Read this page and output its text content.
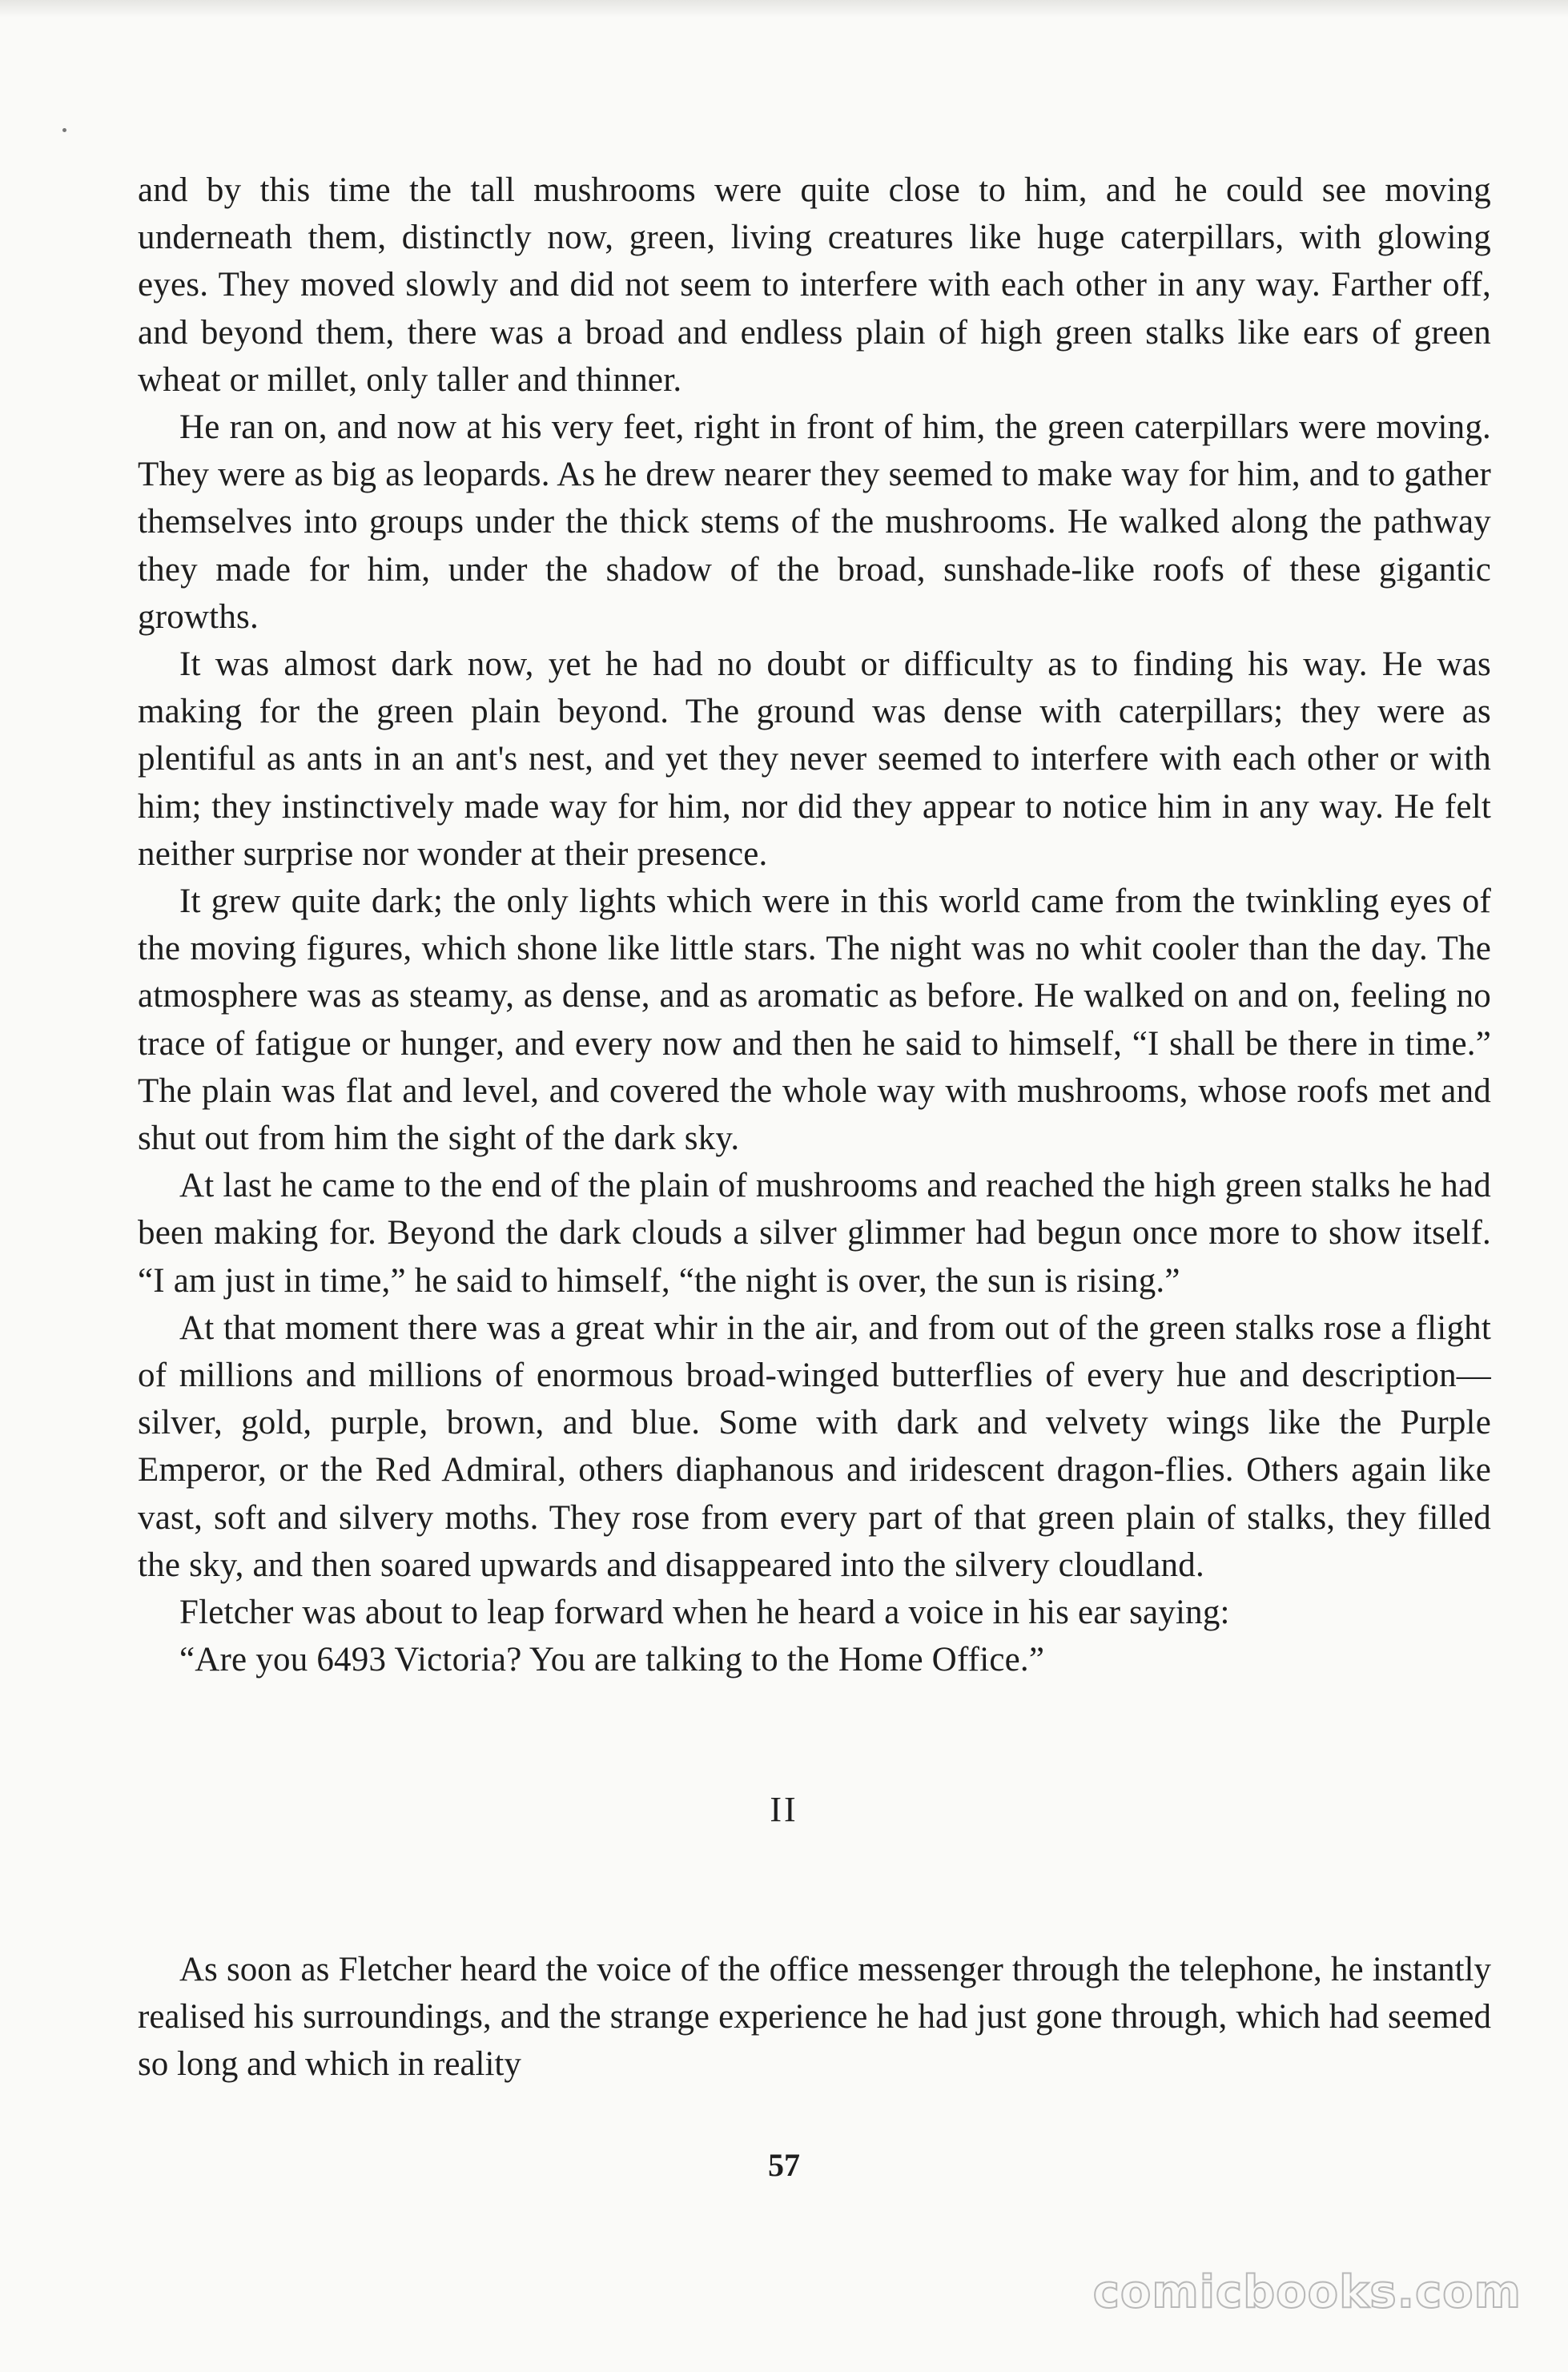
and by this time the tall mushrooms were quite close to him, and he could see moving underneath them, distinctly now, green, living creatures like huge caterpillars, with glowing eyes. They moved slowly and did not seem to interfere with each other in any way. Farther off, and beyond them, there was a broad and endless plain of high green stalks like ears of green wheat or millet, only taller and thinner.

He ran on, and now at his very feet, right in front of him, the green caterpillars were moving. They were as big as leopards. As he drew nearer they seemed to make way for him, and to gather themselves into groups under the thick stems of the mushrooms. He walked along the pathway they made for him, under the shadow of the broad, sunshade-like roofs of these gigantic growths.

It was almost dark now, yet he had no doubt or difficulty as to finding his way. He was making for the green plain beyond. The ground was dense with caterpillars; they were as plentiful as ants in an ant's nest, and yet they never seemed to interfere with each other or with him; they instinctively made way for him, nor did they appear to notice him in any way. He felt neither surprise nor wonder at their presence.

It grew quite dark; the only lights which were in this world came from the twinkling eyes of the moving figures, which shone like little stars. The night was no whit cooler than the day. The atmosphere was as steamy, as dense, and as aromatic as before. He walked on and on, feeling no trace of fatigue or hunger, and every now and then he said to himself, “I shall be there in time.” The plain was flat and level, and covered the whole way with mushrooms, whose roofs met and shut out from him the sight of the dark sky.

At last he came to the end of the plain of mushrooms and reached the high green stalks he had been making for. Beyond the dark clouds a silver glimmer had begun once more to show itself. “I am just in time,” he said to himself, “the night is over, the sun is rising.”

At that moment there was a great whir in the air, and from out of the green stalks rose a flight of millions and millions of enormous broad-winged butterflies of every hue and description—silver, gold, purple, brown, and blue. Some with dark and velvety wings like the Purple Emperor, or the Red Admiral, others diaphanous and iridescent dragon-flies. Others again like vast, soft and silvery moths. They rose from every part of that green plain of stalks, they filled the sky, and then soared upwards and disappeared into the silvery cloudland.

Fletcher was about to leap forward when he heard a voice in his ear saying:

“Are you 6493 Victoria? You are talking to the Home Office.”

II

As soon as Fletcher heard the voice of the office messenger through the telephone, he instantly realised his surroundings, and the strange experience he had just gone through, which had seemed so long and which in reality

57
comicbooks.com
